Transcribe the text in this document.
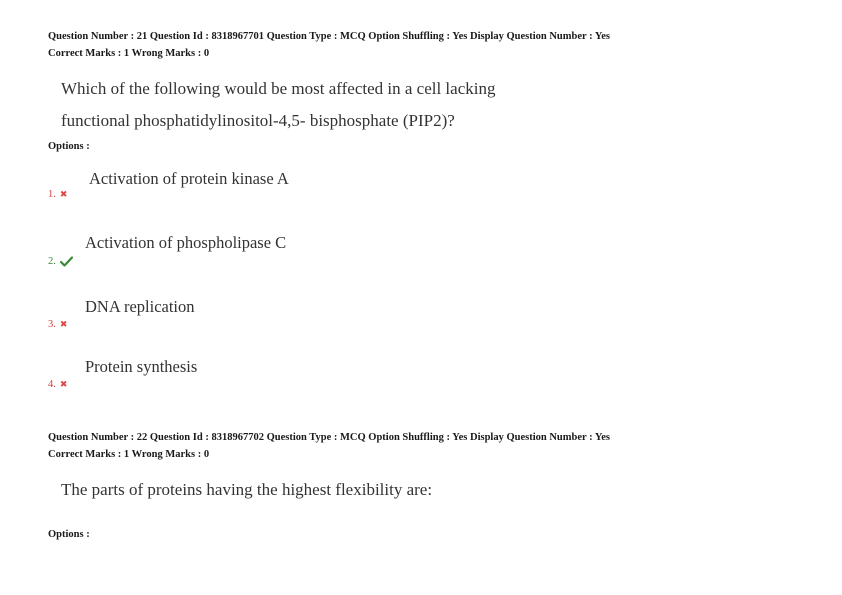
Question Number : 21 Question Id : 8318967701 Question Type : MCQ Option Shuffling : Yes Display Question Number : Yes
Correct Marks : 1 Wrong Marks : 0
Which of the following would be most affected in a cell lacking
functional phosphatidylinositol-4,5- bisphosphate (PIP2)?
Options :
Activation of protein kinase A
1. ✖
Activation of phospholipase C
2.
DNA replication
3. ✖
Protein synthesis
4. ✖
Question Number : 22 Question Id : 8318967702 Question Type : MCQ Option Shuffling : Yes Display Question Number : Yes
Correct Marks : 1 Wrong Marks : 0
The parts of proteins having the highest flexibility are:
Options :
